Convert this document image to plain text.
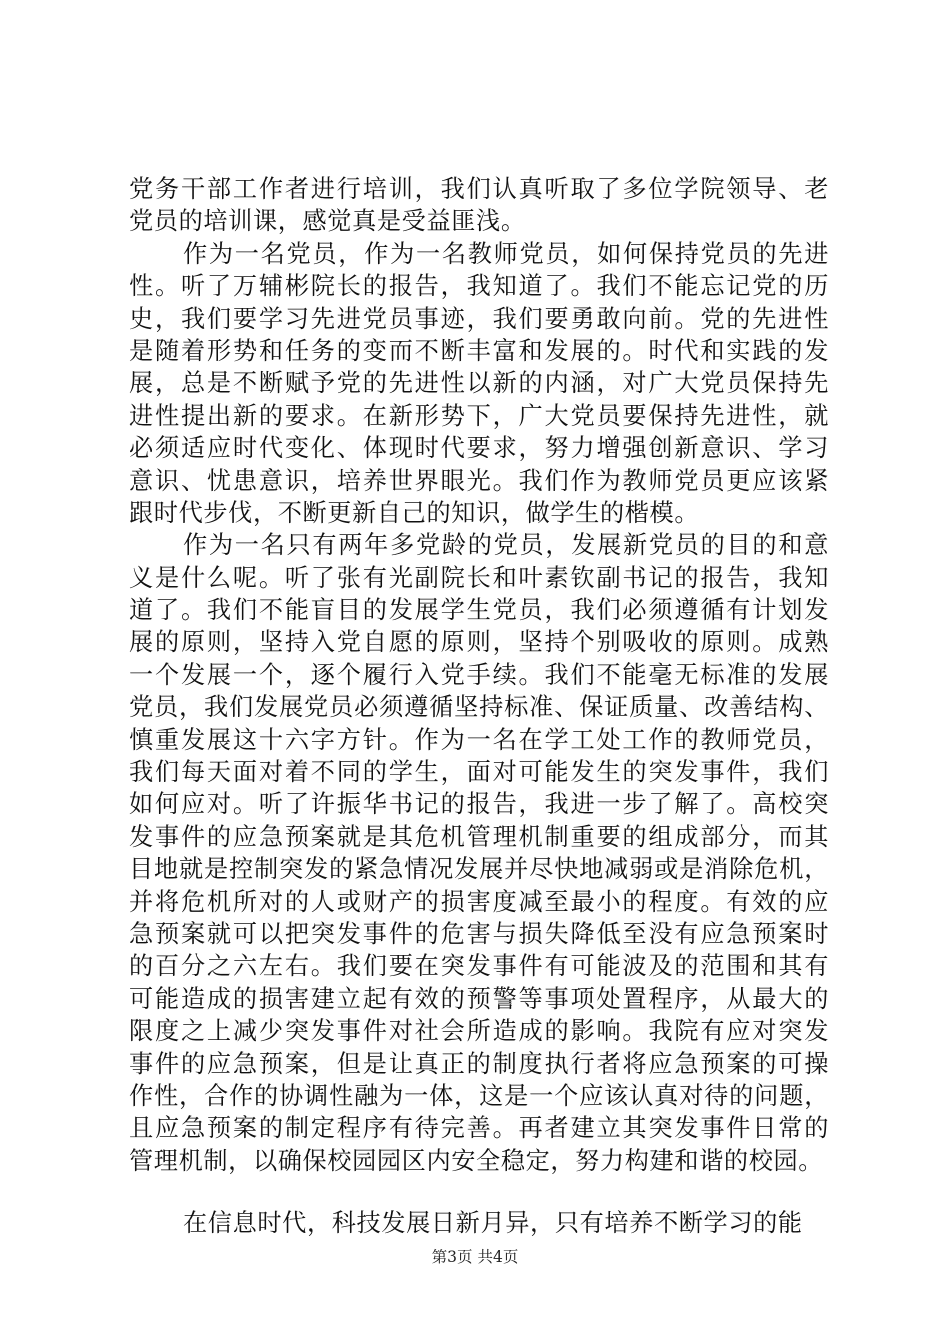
党务干部工作者进行培训，我们认真听取了多位学院领导、老
党员的培训课，感觉真是受益匪浅。
作为一名党员，作为一名教师党员，如何保持党员的先进
性。听了万辅彬院长的报告，我知道了。我们不能忘记党的历
史，我们要学习先进党员事迹，我们要勇敢向前。党的先进性
是随着形势和任务的变而不断丰富和发展的。时代和实践的发
展，总是不断赋予党的先进性以新的内涵，对广大党员保持先
进性提出新的要求。在新形势下，广大党员要保持先进性，就
必须适应时代变化、体现时代要求，努力增强创新意识、学习
意识、忧患意识，培养世界眼光。我们作为教师党员更应该紧
跟时代步伐，不断更新自己的知识，做学生的楷模。
作为一名只有两年多党龄的党员，发展新党员的目的和意
义是什么呢。听了张有光副院长和叶素钦副书记的报告，我知
道了。我们不能盲目的发展学生党员，我们必须遵循有计划发
展的原则，坚持入党自愿的原则，坚持个别吸收的原则。成熟
一个发展一个，逐个履行入党手续。我们不能毫无标准的发展
党员，我们发展党员必须遵循坚持标准、保证质量、改善结构、
慎重发展这十六字方针。作为一名在学工处工作的教师党员，
我们每天面对着不同的学生，面对可能发生的突发事件，我们
如何应对。听了许振华书记的报告，我进一步了解了。高校突
发事件的应急预案就是其危机管理机制重要的组成部分，而其
目地就是控制突发的紧急情况发展并尽快地减弱或是消除危机，
并将危机所对的人或财产的损害度减至最小的程度。有效的应
急预案就可以把突发事件的危害与损失降低至没有应急预案时
的百分之六左右。我们要在突发事件有可能波及的范围和其有
可能造成的损害建立起有效的预警等事项处置程序，从最大的
限度之上减少突发事件对社会所造成的影响。我院有应对突发
事件的应急预案，但是让真正的制度执行者将应急预案的可操
作性，合作的协调性融为一体，这是一个应该认真对待的问题，
且应急预案的制定程序有待完善。再者建立其突发事件日常的
管理机制，以确保校园园区内安全稳定，努力构建和谐的校园。
在信息时代，科技发展日新月异，只有培养不断学习的能
第3页 共4页
